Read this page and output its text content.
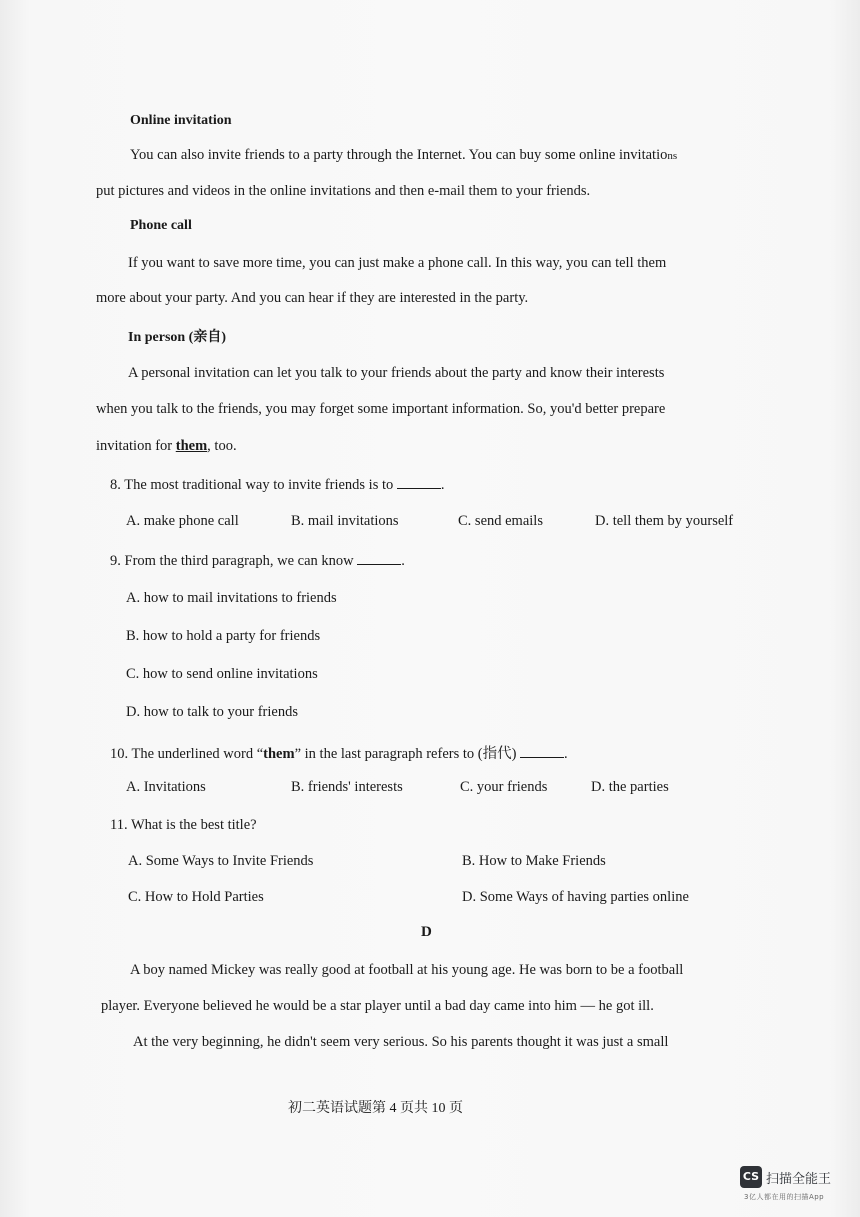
Online invitation
You can also invite friends to a party through the Internet. You can buy some online invitations
put pictures and videos in the online invitations and then e-mail them to your friends.
Phone call
If you want to save more time, you can just make a phone call. In this way, you can tell them
more about your party. And you can hear if they are interested in the party.
In person (亲自)
A personal invitation can let you talk to your friends about the party and know their interests
when you talk to the friends, you may forget some important information. So, you'd better prepare
invitation for them, too.
8. The most traditional way to invite friends is to	.
A. make phone call	B. mail invitations	C. send emails	D. tell them by yourself
9. From the third paragraph, we can know	.
A. how to mail invitations to friends
B. how to hold a party for friends
C. how to send online invitations
D. how to talk to your friends
10. The underlined word “them” in the last paragraph refers to (指代)	.
A. Invitations	B. friends' interests	C. your friends	D. the parties
11. What is the best title?
A. Some Ways to Invite Friends	B. How to Make Friends
C. How to Hold Parties	D. Some Ways of having parties online
D
A boy named Mickey was really good at football at his young age. He was born to be a football
player. Everyone believed he would be a star player until a bad day came into him — he got ill.
At the very beginning, he didn't seem very serious. So his parents thought it was just a small
初二英语试题第 4 页共 10 页
CS 扫描全能王
3亿人都在用的扫描App
